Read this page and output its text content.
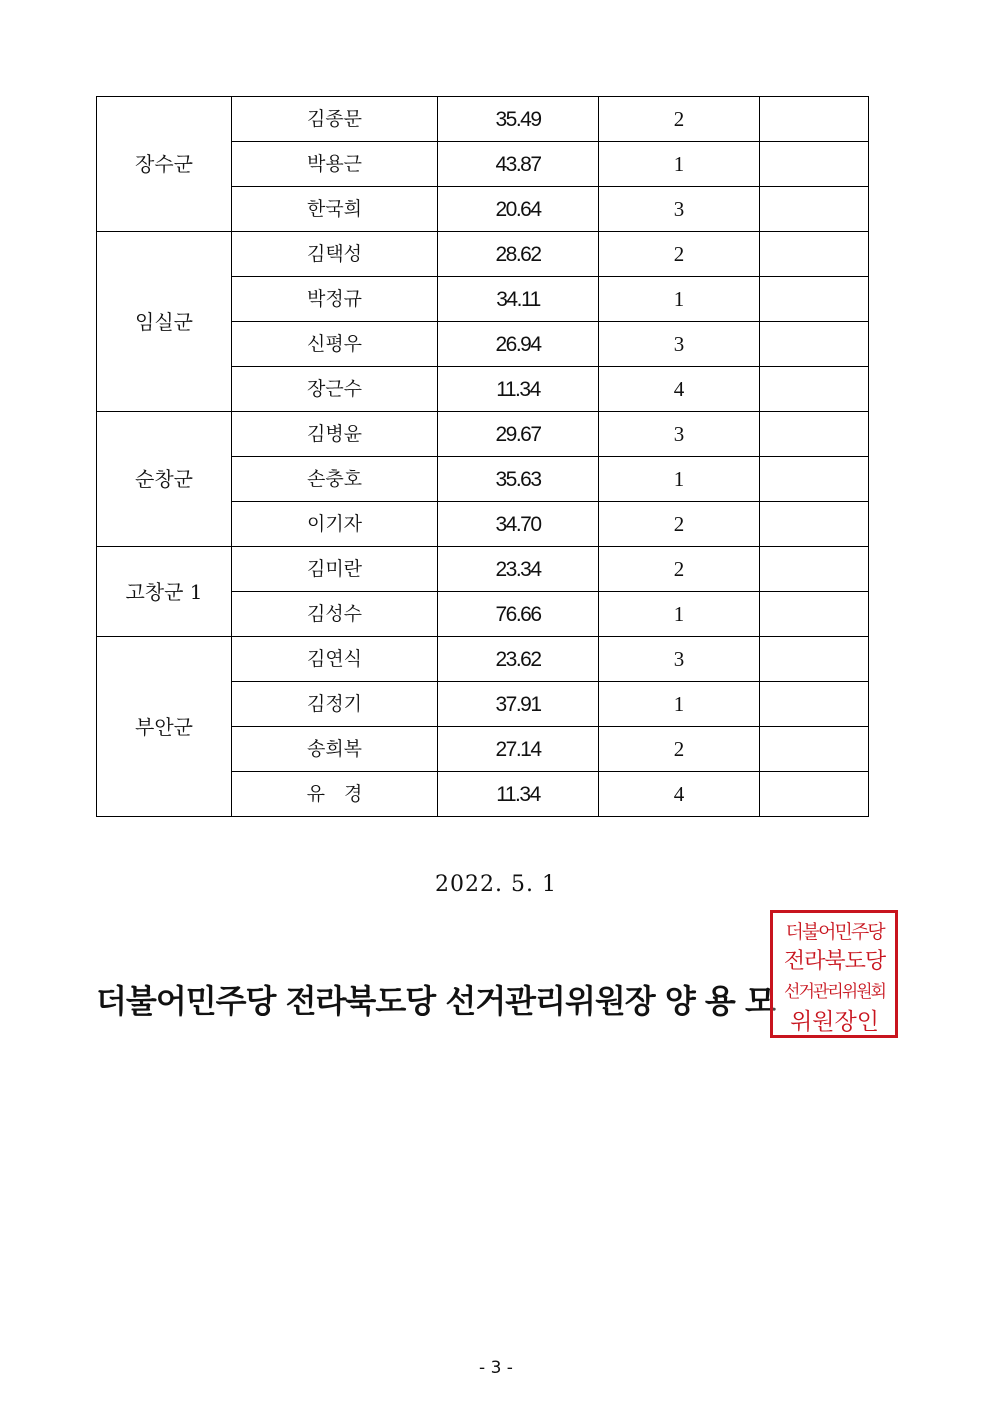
장수군	김종문	35.49	2	
	박용근	43.87	1	
	한국희	20.64	3	
임실군	김택성	28.62	2	
	박정규	34.11	1	
	신평우	26.94	3	
	장근수	11.34	4	
순창군	김병윤	29.67	3	
	손충호	35.63	1	
	이기자	34.70	2	
고창군 1	김미란	23.34	2	
	김성수	76.66	1	
부안군	김연식	23.62	3	
	김정기	37.91	1	
	송희복	27.14	2	
	유　경	11.34	4	
2022. 5. 1
더불어민주당 전라북도당 선거관리위원장 양 용 모
더불어민주당
전라북도당
선거관리위원회
위원장인
- 3 -
